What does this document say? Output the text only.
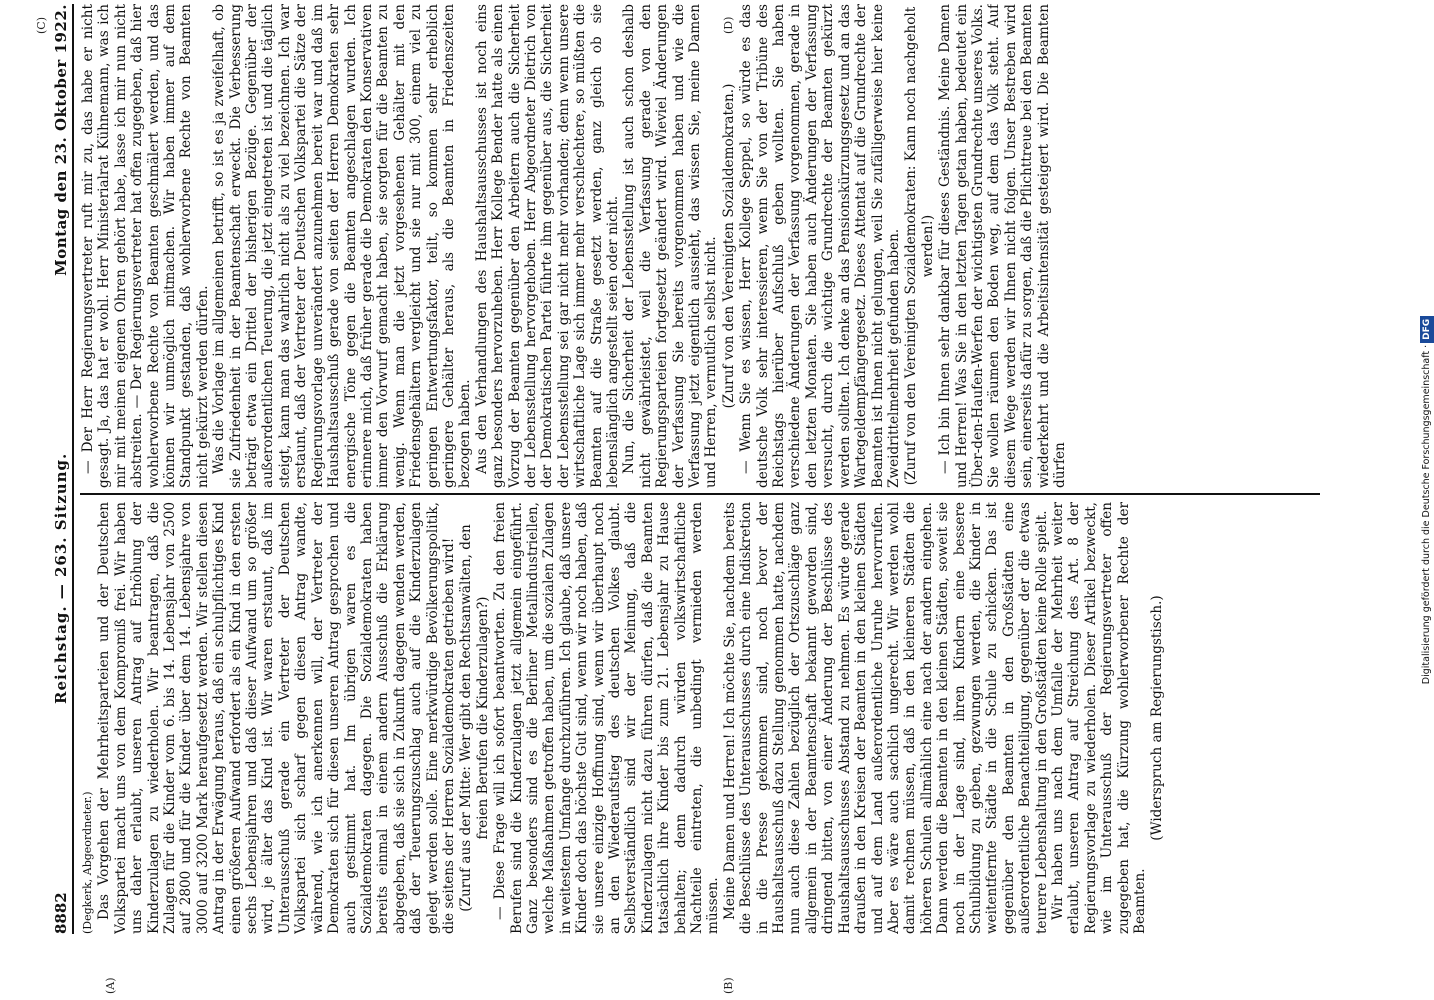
8882
Reichstag. — 263. Sitzung.
Montag den 23. Oktober 1922.
(A)	(B)
(C)	(D)

(Degkerk, Abgeordneter.) Das Vorgehen der Mehrheitsparteien und der Deutschen Volkspartei macht uns von dem Kompromiß frei. Wir haben uns daher erlaubt, unseren Antrag auf Erhöhung der Kinderzulagen zu wiederholen. Wir beantragen, daß die Zulagen für die Kinder vom 6. bis 14. Lebensjahr von 2500 auf 2800 und für die Kinder über dem 14. Lebensjahre von 3000 auf 3200 Mark heraufgesetzt werden. Wir stellen diesen Antrag in der Erwägung heraus, daß ein schulpflichtiges Kind einen größeren Aufwand erfordert als ein Kind in den ersten sechs Lebensjahren und daß dieser Aufwand um so größer wird, je älter das Kind ist. Wir waren erstaunt, daß im Unterausschuß gerade ein Vertreter der Deutschen Volkspartei sich scharf gegen diesen Antrag wandte, während, wie ich anerkennen will, der Vertreter der Demokraten sich für diesen unseren Antrag gesprochen und auch gestimmt hat. Im übrigen waren es die Sozialdemokraten dagegen. Die Sozialdemokraten haben bereits einmal in einem andern Ausschuß die Erklärung abgegeben, daß sie sich in Zukunft dagegen wenden werden, daß der Teuerungszuschlag auch auf die Kinderzulagen gelegt werden solle. Eine merkwürdige Bevölkerungspolitik, die seitens der Herren Sozialdemokraten getrieben wird! (Zuruf aus der Mitte: Wer gibt den Rechtsanwälten, den freien Berufen die Kinderzulagen?) — Diese Frage will ich sofort beantworten. Zu den freien Berufen sind die Kinderzulagen jetzt allgemein eingeführt. Ganz besonders sind es die Berliner Metallindustriellen, welche Maßnahmen getroffen haben, um die sozialen Zulagen in weitestem Umfange durchzuführen. Ich glaube, daß unsere Kinder doch das höchste Gut sind, wenn wir noch haben, daß sie unsere einzige Hoffnung sind, wenn wir überhaupt noch an den Wiederaufstieg des deutschen Volkes glaubt. Selbstverständlich sind wir der Meinung, daß die Kinderzulagen nicht dazu führen dürfen, daß die Beamten tatsächlich ihre Kinder bis zum 21. Lebensjahr zu Hause behalten; denn dadurch würden volkswirtschaftliche Nachteile eintreten, die unbedingt vermieden werden müssen. Meine Damen und Herren! Ich möchte Sie, nachdem bereits die Beschlüsse des Unterausschusses durch eine Indiskretion in die Presse gekommen sind, noch bevor der Haushaltsausschuß dazu Stellung genommen hatte, nachdem nun auch diese Zahlen bezüglich der Ortszuschläge ganz allgemein in der Beamtenschaft bekannt geworden sind, dringend bitten, von einer Änderung der Beschlüsse des Haushaltsausschusses Abstand zu nehmen. Es würde gerade draußen in den Kreisen der Beamten in den kleinen Städten und auf dem Land außerordentliche Unruhe hervorrufen. Aber es wäre auch sachlich ungerecht. Wir werden wohl damit rechnen müssen, daß in den kleineren Städten die höheren Schulen allmählich eine nach der andern eingehen. Dann werden die Beamten in den kleinen Städten, soweit sie noch in der Lage sind, ihren Kindern eine bessere Schulbildung zu geben, gezwungen werden, die Kinder in weitentfernte Städte in die Schule zu schicken. Das ist gegenüber den Beamten in den Großstädten eine außerordentliche Benachteiligung, gegenüber der die etwas teurere Lebenshaltung in den Großstädten keine Rolle spielt. Wir haben uns nach dem Umfalle der Mehrheit weiter erlaubt, unseren Antrag auf Streichung des Art. 8 der Regierungsvorlage zu wiederholen. Dieser Artikel bezweckt, wie im Unterausschuß der Regierungsvertreter offen zugegeben hat, die Kürzung wohlerworbener Rechte der Beamten.

(Widerspruch am Regierungstisch.)

— Der Herr Regierungsvertreter ruft mir zu, das habe er nicht gesagt. Ja, das hat er wohl. Herr Ministerialrat Kühnemann, was ich mir mit meinen eigenen Ohren gehört habe, lasse ich mir nun nicht abstreiten. — Der Regierungsvertreter hat offen zugegeben, daß hier wohlerworbene Rechte von Beamten geschmälert werden, und das können wir unmöglich mitmachen. Wir haben immer auf dem Standpunkt gestanden, daß wohlerworbene Rechte von Beamten nicht gekürzt werden dürfen. Was die Vorlage im allgemeinen betrifft, so ist es ja zweifelhaft, ob sie Zufriedenheit in der Beamtenschaft erweckt. Die Verbesserung beträgt etwa ein Drittel der bisherigen Bezüge. Gegenüber der außerordentlichen Teuerung, die jetzt eingetreten ist und die täglich steigt, kann man das wahrlich nicht als zu viel bezeichnen. Ich war erstaunt, daß der Vertreter der Deutschen Volkspartei die Sätze der Regierungsvorlage unverändert anzunehmen bereit war und daß im Haushaltsausschuß gerade von seiten der Herren Demokraten sehr energische Töne gegen die Beamten angeschlagen wurden. Ich erinnere mich, daß früher gerade die Demokraten den Konservativen immer den Vorwurf gemacht haben, sie sorgten für die Beamten zu wenig. Wenn man die jetzt vorgesehenen Gehälter mit den Friedensgehältern vergleicht und sie nur mit 300, einem viel zu geringen Entwertungsfaktor, teilt, so kommen sehr erheblich geringere Gehälter heraus, als die Beamten in Friedenszeiten bezogen haben. Aus den Verhandlungen des Haushaltsausschusses ist noch eins ganz besonders hervorzuheben. Herr Kollege Bender hatte als einen Vorzug der Beamten gegenüber den Arbeitern auch die Sicherheit der Lebensstellung hervorgehoben. Herr Abgeordneter Dietrich von der Demokratischen Partei führte ihm gegenüber aus, die Sicherheit der Lebensstellung sei gar nicht mehr vorhanden; denn wenn unsere wirtschaftliche Lage sich immer mehr verschlechtere, so müßten die Beamten auf die Straße gesetzt werden, ganz gleich ob sie lebenslänglich angestellt seien oder nicht. Nun, die Sicherheit der Lebensstellung ist auch schon deshalb nicht gewährleistet, weil die Verfassung gerade von den Regierungsparteien fortgesetzt geändert wird. Wieviel Änderungen der Verfassung Sie bereits vorgenommen haben und wie die Verfassung jetzt eigentlich aussieht, das wissen Sie, meine Damen und Herren, vermutlich selbst nicht. (Zuruf von den Vereinigten Sozialdemokraten.) — Wenn Sie es wissen, Herr Kollege Seppel, so würde es das deutsche Volk sehr interessieren, wenn Sie von der Tribüne des Reichstags hierüber Aufschluß geben wollten. Sie haben verschiedene Änderungen der Verfassung vorgenommen, gerade in den letzten Monaten. Sie haben auch Änderungen der Verfassung versucht, durch die wichtige Grundrechte der Beamten gekürzt werden sollten. Ich denke an das Pensionskürzungsgesetz und an das Wartegeldempfängergesetz. Dieses Attentat auf die Grundrechte der Beamten ist Ihnen nicht gelungen, weil Sie zufälligerweise hier keine Zweidrittelmehrheit gefunden haben. (Zuruf von den Vereinigten Sozialdemokraten: Kann noch nachgeholt werden!) — Ich bin Ihnen sehr dankbar für dieses Geständnis. Meine Damen und Herren! Was Sie in den letzten Tagen getan haben, bedeutet ein Über-den-Haufen-Werfen der wichtigsten Grundrechte unseres Volks. Sie wollen räumen den Boden weg, auf dem das Volk steht. Auf diesem Wege werden wir Ihnen nicht folgen. Unser Bestreben wird sein, einerseits dafür zu sorgen, daß die Pflichttreue bei den Beamten wiederkehrt und die Arbeitsintensität gesteigert wird. Die Beamten dürfen	Digitalisierung gefördert durch die Deutsche Forschungsgemeinschaft ·DFG
